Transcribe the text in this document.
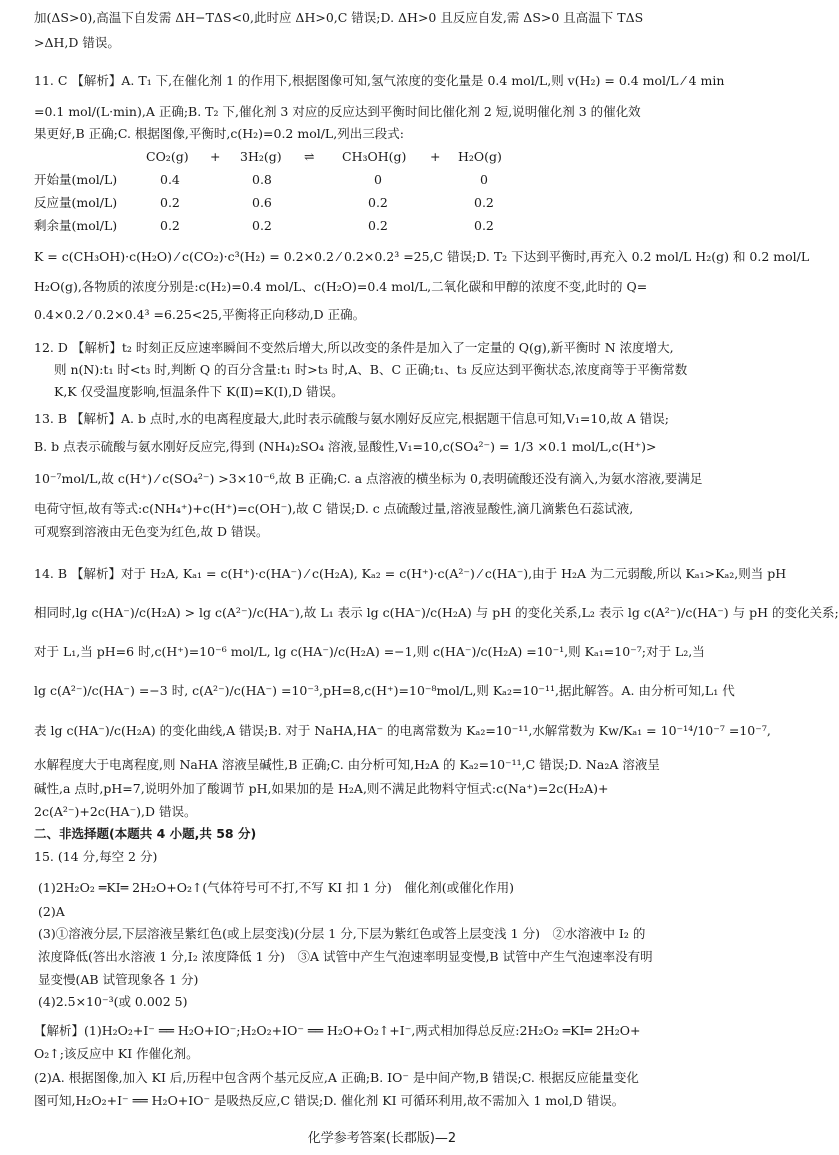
加(ΔS>0),高温下自发需 ΔH−TΔS<0,此时应 ΔH>0,C 错误;D. ΔH>0 且反应自发,需 ΔS>0 且高温下 TΔS
>ΔH,D 错误。
11. C 【解析】A. T₁ 下,在催化剂 1 的作用下,根据图像可知,氢气浓度的变化量是 0.4 mol/L,则 v(H₂) = 0.4 mol/L ⁄ 4 min
=0.1 mol/(L·min),A 正确;B. T₂ 下,催化剂 3 对应的反应达到平衡时间比催化剂 2 短,说明催化剂 3 的催化效
果更好,B 正确;C. 根据图像,平衡时,c(H₂)=0.2 mol/L,列出三段式:
CO₂(g) + 3H₂(g) ⇌ CH₃OH(g) + H₂O(g)
开始量(mol/L)	0.4	0.8	0	0
反应量(mol/L)	0.2	0.6	0.2	0.2
剩余量(mol/L)	0.2	0.2	0.2	0.2
K = c(CH₃OH)·c(H₂O) ⁄ c(CO₂)·c³(H₂) = 0.2×0.2 ⁄ 0.2×0.2³ =25,C 错误;D. T₂ 下达到平衡时,再充入 0.2 mol/L H₂(g) 和 0.2 mol/L
H₂O(g),各物质的浓度分别是:c(H₂)=0.4 mol/L、c(H₂O)=0.4 mol/L,二氧化碳和甲醇的浓度不变,此时的 Q=
0.4×0.2 ⁄ 0.2×0.4³ =6.25<25,平衡将正向移动,D 正确。
12. D 【解析】t₂ 时刻正反应速率瞬间不变然后增大,所以改变的条件是加入了一定量的 Q(g),新平衡时 N 浓度增大,
则 n(N):t₁ 时<t₃ 时,判断 Q 的百分含量:t₁ 时>t₃ 时,A、B、C 正确;t₁、t₃ 反应达到平衡状态,浓度商等于平衡常数
K,K 仅受温度影响,恒温条件下 K(Ⅱ)=K(Ⅰ),D 错误。
13. B 【解析】A. b 点时,水的电离程度最大,此时表示硫酸与氨水刚好反应完,根据题干信息可知,V₁=10,故 A 错误;
B. b 点表示硫酸与氨水刚好反应完,得到 (NH₄)₂SO₄ 溶液,显酸性,V₁=10,c(SO₄²⁻) = 1/3 ×0.1 mol/L,c(H⁺)>
10⁻⁷mol/L,故 c(H⁺) ⁄ c(SO₄²⁻) >3×10⁻⁶,故 B 正确;C. a 点溶液的横坐标为 0,表明硫酸还没有滴入,为氨水溶液,要满足
电荷守恒,故有等式:c(NH₄⁺)+c(H⁺)=c(OH⁻),故 C 错误;D. c 点硫酸过量,溶液显酸性,滴几滴紫色石蕊试液,
可观察到溶液由无色变为红色,故 D 错误。
14. B 【解析】对于 H₂A, Kₐ₁ = c(H⁺)·c(HA⁻) ⁄ c(H₂A), Kₐ₂ = c(H⁺)·c(A²⁻) ⁄ c(HA⁻),由于 H₂A 为二元弱酸,所以 Kₐ₁>Kₐ₂,则当 pH
相同时,lg c(HA⁻)/c(H₂A) > lg c(A²⁻)/c(HA⁻),故 L₁ 表示 lg c(HA⁻)/c(H₂A) 与 pH 的变化关系,L₂ 表示 lg c(A²⁻)/c(HA⁻) 与 pH 的变化关系;
对于 L₁,当 pH=6 时,c(H⁺)=10⁻⁶ mol/L, lg c(HA⁻)/c(H₂A) =−1,则 c(HA⁻)/c(H₂A) =10⁻¹,则 Kₐ₁=10⁻⁷;对于 L₂,当
lg c(A²⁻)/c(HA⁻) =−3 时, c(A²⁻)/c(HA⁻) =10⁻³,pH=8,c(H⁺)=10⁻⁸mol/L,则 Kₐ₂=10⁻¹¹,据此解答。A. 由分析可知,L₁ 代
表 lg c(HA⁻)/c(H₂A) 的变化曲线,A 错误;B. 对于 NaHA,HA⁻ 的电离常数为 Kₐ₂=10⁻¹¹,水解常数为 Kw/Kₐ₁ = 10⁻¹⁴/10⁻⁷ =10⁻⁷,
水解程度大于电离程度,则 NaHA 溶液呈碱性,B 正确;C. 由分析可知,H₂A 的 Kₐ₂=10⁻¹¹,C 错误;D. Na₂A 溶液呈
碱性,a 点时,pH=7,说明外加了酸调节 pH,如果加的是 H₂A,则不满足此物料守恒式:c(Na⁺)=2c(H₂A)+
2c(A²⁻)+2c(HA⁻),D 错误。
二、非选择题(本题共 4 小题,共 58 分)
15. (14 分,每空 2 分)
(1)2H₂O₂ ═KI═ 2H₂O+O₂↑(气体符号可不打,不写 KI 扣 1 分)　催化剂(或催化作用)
(2)A
(3)①溶液分层,下层溶液呈紫红色(或上层变浅)(分层 1 分,下层为紫红色或答上层变浅 1 分)　②水溶液中 I₂ 的
浓度降低(答出水溶液 1 分,I₂ 浓度降低 1 分)　③A 试管中产生气泡速率明显变慢,B 试管中产生气泡速率没有明
显变慢(AB 试管现象各 1 分)
(4)2.5×10⁻³(或 0.002 5)
【解析】(1)H₂O₂+I⁻ ══ H₂O+IO⁻;H₂O₂+IO⁻ ══ H₂O+O₂↑+I⁻,两式相加得总反应:2H₂O₂ ═KI═ 2H₂O+
O₂↑;该反应中 KI 作催化剂。
(2)A. 根据图像,加入 KI 后,历程中包含两个基元反应,A 正确;B. IO⁻ 是中间产物,B 错误;C. 根据反应能量变化
图可知,H₂O₂+I⁻ ══ H₂O+IO⁻ 是吸热反应,C 错误;D. 催化剂 KI 可循环利用,故不需加入 1 mol,D 错误。
化学参考答案(长郡版)—2
